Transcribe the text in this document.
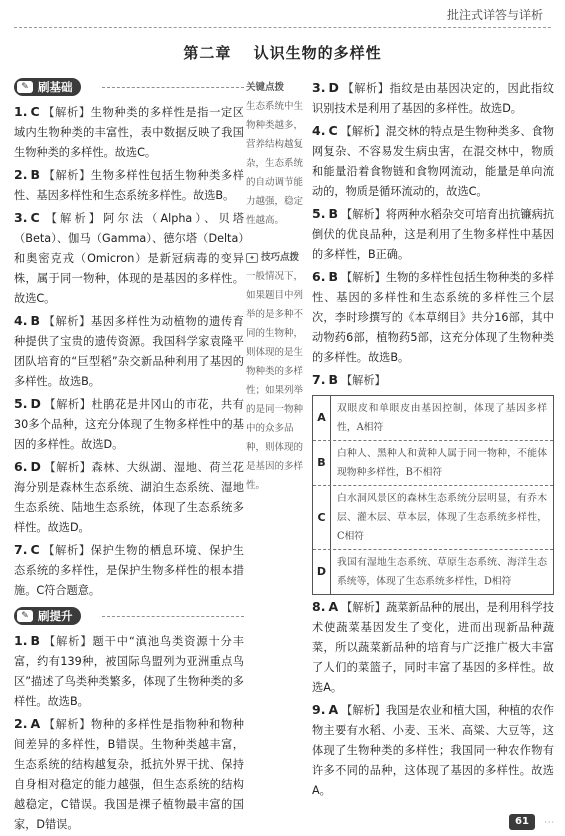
批注式详答与详析
第二章 认识生物的多样性
✎ 刷基础
1. C 【解析】生物种类的多样性是指一定区域内生物种类的丰富性，表中数据反映了我国生物种类的多样性。故选C。
2. B 【解析】生物多样性包括生物种类多样性、基因多样性和生态系统多样性。故选B。
3. C 【解析】阿尔法（Alpha）、贝塔（Beta）、伽马（Gamma）、德尔塔（Delta）和奥密克戎（Omicron）是新冠病毒的变异株，属于同一物种，体现的是基因的多样性。故选C。
4. B 【解析】基因多样性为动植物的遗传育种提供了宝贵的遗传资源。我国科学家袁隆平团队培育的“巨型稻”杂交新品种利用了基因的多样性。故选B。
5. D 【解析】杜鹃花是井冈山的市花，共有30多个品种，这充分体现了生物多样性中的基因的多样性。故选D。
6. D 【解析】森林、大纵湖、湿地、荷兰花海分别是森林生态系统、湖泊生态系统、湿地生态系统、陆地生态系统，体现了生态系统多样性。故选D。
7. C 【解析】保护生物的栖息环境、保护生态系统的多样性，是保护生物多样性的根本措施。C符合题意。
✎ 刷提升
1. B 【解析】题干中“滇池鸟类资源十分丰富，约有139种，被国际鸟盟列为亚洲重点鸟区”描述了鸟类种类繁多，体现了生物种类的多样性。故选B。
2. A 【解析】物种的多样性是指物种和物种间差异的多样性，B错误。生物种类越丰富，生态系统的结构越复杂，抵抗外界干扰、保持自身相对稳定的能力越强，但生态系统的结构越稳定，C错误。我国是裸子植物最丰富的国家，D错误。
关键点拨
生态系统中生物种类越多，营养结构越复杂，生态系统的自动调节能力越强，稳定性越高。
✦ 技巧点拨
一般情况下，如果题目中列举的是多种不同的生物种，则体现的是生物种类的多样性；如果列举的是同一物种中的众多品种，则体现的是基因的多样性。
3. D 【解析】指纹是由基因决定的，因此指纹识别技术是利用了基因的多样性。故选D。
4. C 【解析】混交林的特点是生物种类多、食物网复杂、不容易发生病虫害，在混交林中，物质和能量沿着食物链和食物网流动，能量是单向流动的，物质是循环流动的，故选C。
5. B 【解析】将两种水稻杂交可培育出抗镰病抗倒伏的优良品种，这是利用了生物多样性中基因的多样性，B正确。
6. B 【解析】生物的多样性包括生物种类的多样性、基因的多样性和生态系统的多样性三个层次，李时珍撰写的《本草纲目》共分16部，其中动物药6部，植物药5部，这充分体现了生物种类的多样性。故选B。
7. B 【解析】
A
双眼皮和单眼皮由基因控制，体现了基因多样性，A相符
B
白种人、黑种人和黄种人属于同一物种，不能体现物种多样性，B不相符
C
白水洞风景区的森林生态系统分层明显，有乔木层、灌木层、草本层，体现了生态系统多样性，C相符
D
我国有湿地生态系统、草原生态系统、海洋生态系统等，体现了生态系统多样性，D相符
8. A 【解析】蔬菜新品种的展出，是利用科学技术使蔬菜基因发生了变化，进而出现新品种蔬菜，所以蔬菜新品种的培育与广泛推广极大丰富了人们的菜篮子，同时丰富了基因的多样性。故选A。
9. A 【解析】我国是农业和植大国，种植的农作物主要有水稻、小麦、玉米、高粱、大豆等，这体现了生物种类的多样性；我国同一种农作物有许多不同的品种，这体现了基因的多样性。故选A。
61	···
